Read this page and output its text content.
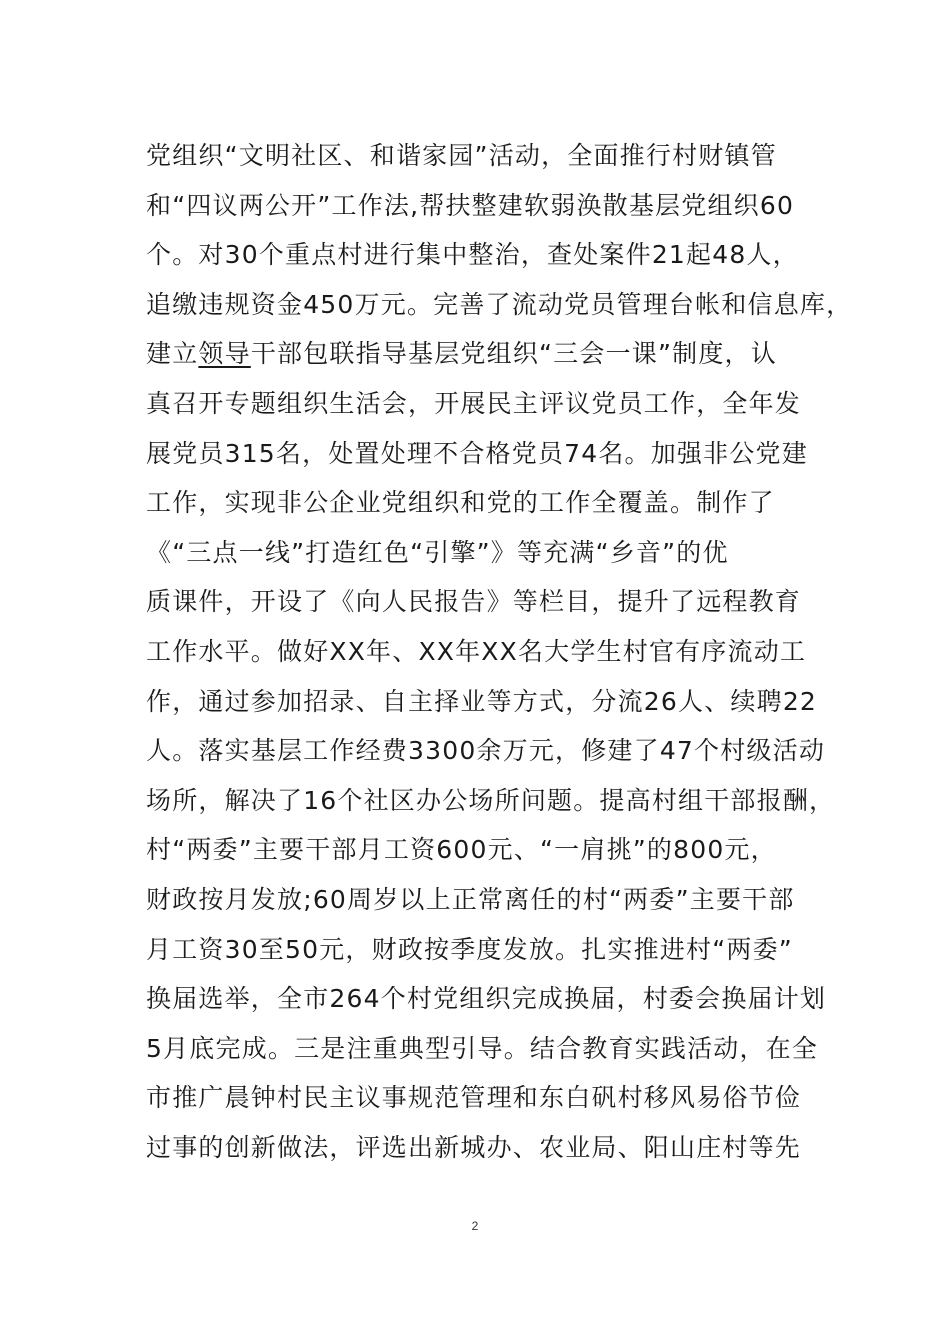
党组织“文明社区、和谐家园”活动，全面推行村财镇管
和“四议两公开”工作法,帮扶整建软弱涣散基层党组织60
个。对30个重点村进行集中整治，查处案件21起48人，
追缴违规资金450万元。完善了流动党员管理台帐和信息库，
建立领导干部包联指导基层党组织“三会一课”制度，认
真召开专题组织生活会，开展民主评议党员工作，全年发
展党员315名，处置处理不合格党员74名。加强非公党建
工作，实现非公企业党组织和党的工作全覆盖。制作了
《“三点一线”打造红色“引擎”》等充满“乡音”的优
质课件，开设了《向人民报告》等栏目，提升了远程教育
工作水平。做好XX年、XX年XX名大学生村官有序流动工
作，通过参加招录、自主择业等方式，分流26人、续聘22
人。落实基层工作经费3300余万元，修建了47个村级活动
场所，解决了16个社区办公场所问题。提高村组干部报酬，
村“两委”主要干部月工资600元、“一肩挑”的800元，
财政按月发放;60周岁以上正常离任的村“两委”主要干部
月工资30至50元，财政按季度发放。扎实推进村“两委”
换届选举，全市264个村党组织完成换届，村委会换届计划
5月底完成。三是注重典型引导。结合教育实践活动，在全
市推广晨钟村民主议事规范管理和东白矾村移风易俗节俭
过事的创新做法，评选出新城办、农业局、阳山庄村等先
2
